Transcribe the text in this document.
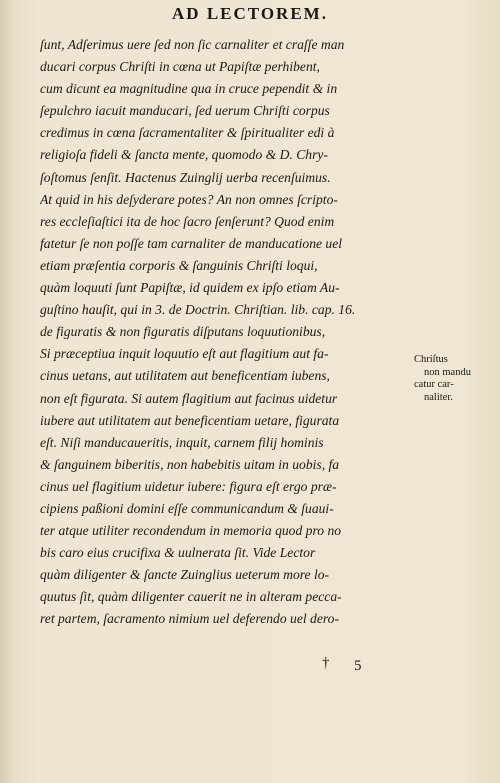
AD LECTOREM.
ſunt, Adſerimus uere ſed non ſic carnaliter et craſſe man
ducari corpus Chriſti in cœna ut Papiſtæ perhibent,
cum dicunt ea magnitudine qua in cruce pependit & in
ſepulchro iacuit manducari, ſed uerum Chriſti corpus
credimus in cœna ſacramentaliter & ſpiritualiter edi à
religioſa fideli & ſancta mente, quomodo & D. Chry-
ſoſtomus ſenſit. Hactenus Zuinglij uerba recenſuimus.
At quid in his deſyderare potes? An non omnes ſcripto-
res eccleſiaſtici ita de hoc ſacro ſenſerunt? Quod enim
fatetur ſe non poſſe tam carnaliter de manducatione uel
etiam præſentia corporis & ſanguinis Chriſti loqui,
quàm loquuti ſunt Papiſtæ, id quidem ex ipſo etiam Au-
guſtino hauſit, qui in 3. de Doctrin. Chriſtian. lib. cap. 16.
de figuratis & non figuratis diſputans loquutionibus,
Si præceptiua inquit loquutio eſt aut flagitium aut fa-
cinus uetans, aut utilitatem aut beneficentiam iubens,
non eſt figurata. Si autem flagitium aut facinus uidetur
iubere aut utilitatem aut beneficentiam uetare, figurata
eſt. Niſi manducaueritis, inquit, carnem filij hominis
& ſanguinem biberitis, non habebitis uitam in uobis, fa
cinus uel flagitium uidetur iubere: figura eſt ergo præ-
cipiens paßioni domini eſſe communicandum & ſuaui-
ter atque utiliter recondendum in memoria quod pro no
bis caro eius crucifixa & uulnerata ſit. Vide Lector
quàm diligenter & ſancte Zuinglius ueterum more lo-
quutus ſit, quàm diligenter cauerit ne in alteram pecca-
ret partem, ſacramento nimium uel deferendo uel dero-
Chriſtus
non mandu
catur car-
naliter.
† 5
